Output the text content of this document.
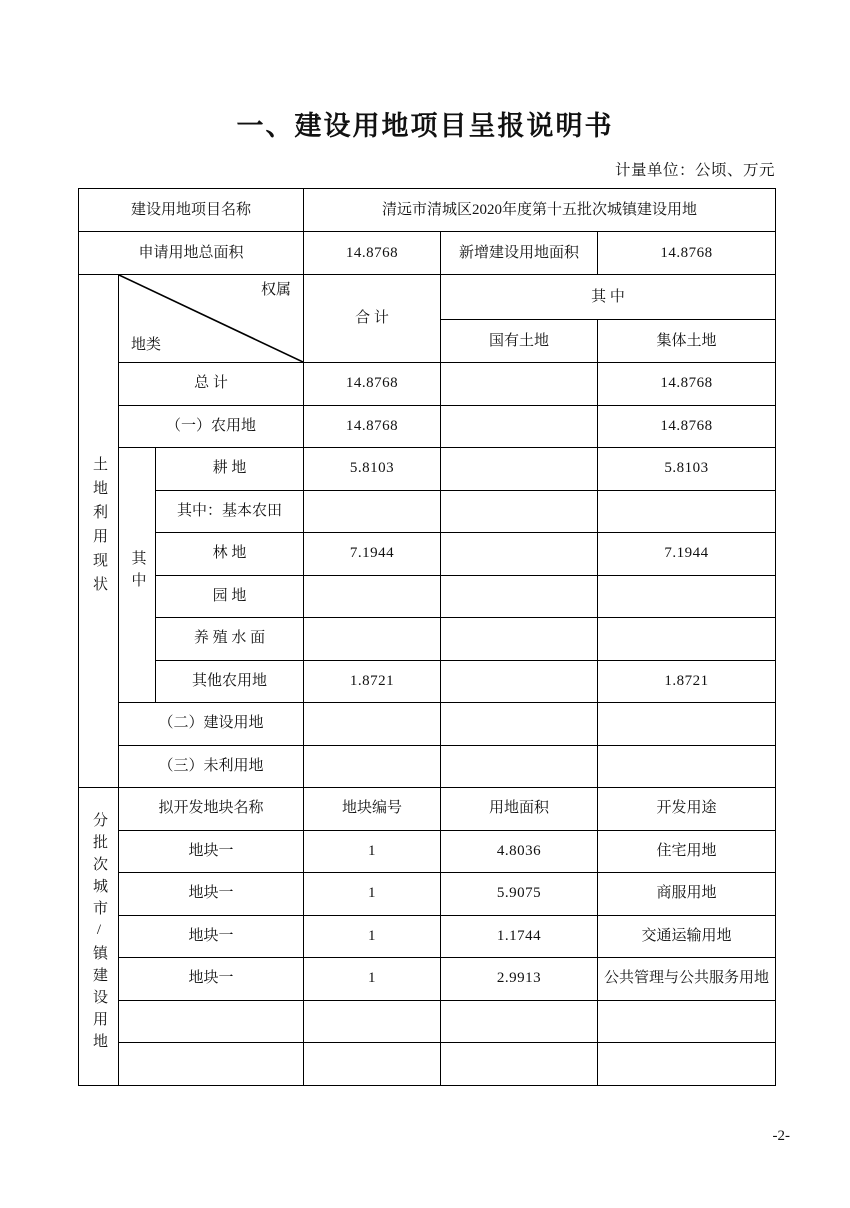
一、建设用地项目呈报说明书
计量单位：公顷、万元
建设用地项目名称			清远市清城区2020年度第十五批次城镇建设用地		
申请用地总面积			14.8768	新增建设用地面积	14.8768
土地利用现状	权属
地类		合 计	其 中	
				国有土地	集体土地
	总 计		14.8768		14.8768
	（一）农用地		14.8768		14.8768
	其中	耕 地	5.8103		5.8103
		其中：基本农田			
		林 地	7.1944		7.1944
		园 地			
		养 殖 水 面			
		其他农用地	1.8721		1.8721
	（二）建设用地				
	（三）未利用地				
分批次城市/镇建设用地	拟开发地块名称		地块编号	用地面积	开发用途
	地块一		1	4.8036	住宅用地
	地块一		1	5.9075	商服用地
	地块一		1	1.1744	交通运输用地
	地块一		1	2.9913	公共管理与公共服务用地

-2-
